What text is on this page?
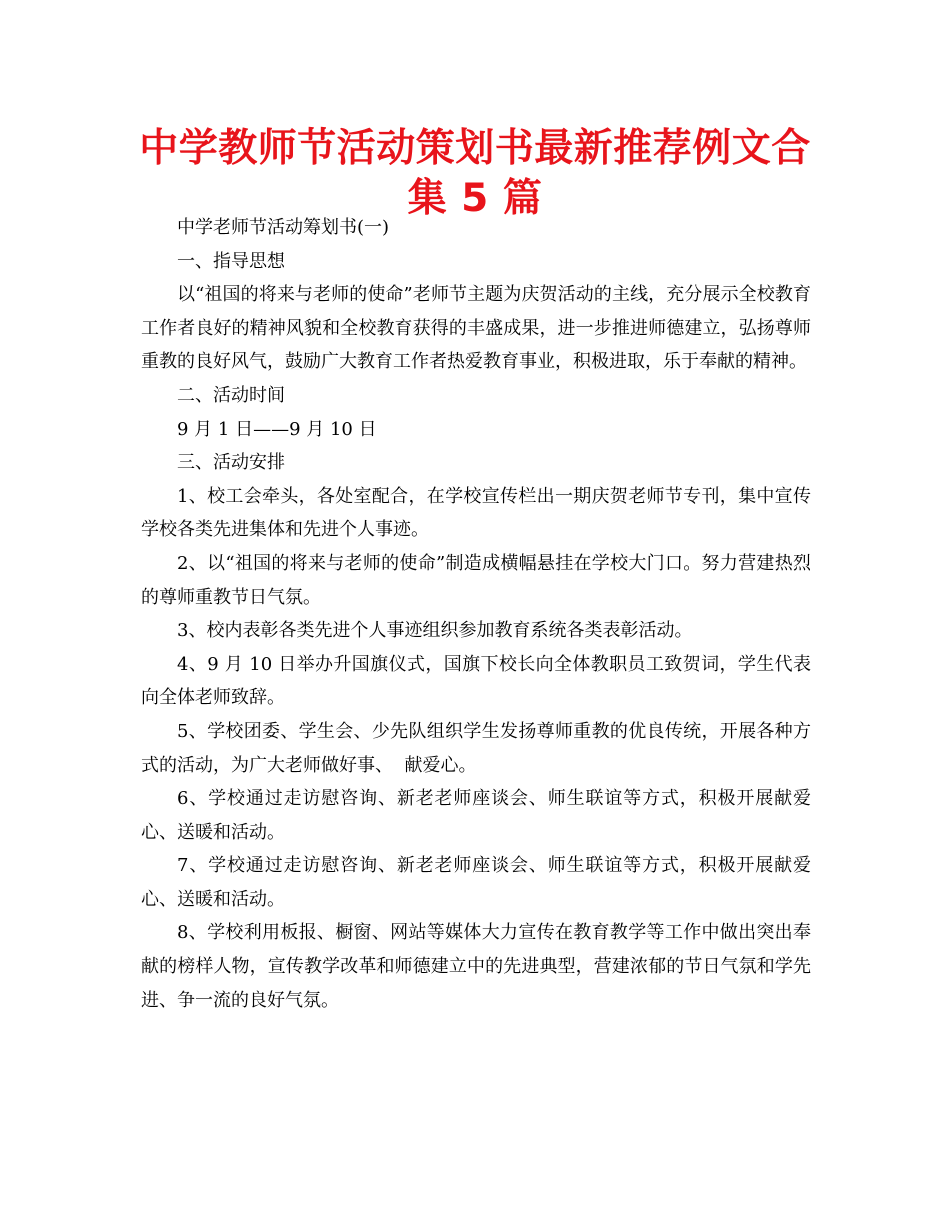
中学教师节活动策划书最新推荐例文合集 5 篇

中学老师节活动筹划书(一)

一、指导思想

以“祖国的将来与老师的使命”老师节主题为庆贺活动的主线，充分展示全校教育工作者良好的精神风貌和全校教育获得的丰盛成果，进一步推进师德建立，弘扬尊师重教的良好风气，鼓励广大教育工作者热爱教育事业，积极进取，乐于奉献的精神。

二、活动时间

9 月 1 日——9 月 10 日

三、活动安排

1、校工会牵头，各处室配合，在学校宣传栏出一期庆贺老师节专刊，集中宣传学校各类先进集体和先进个人事迹。

2、以“祖国的将来与老师的使命”制造成横幅悬挂在学校大门口。努力营建热烈的尊师重教节日气氛。

3、校内表彰各类先进个人事迹组织参加教育系统各类表彰活动。

4、9 月 10 日举办升国旗仪式，国旗下校长向全体教职员工致贺词，学生代表向全体老师致辞。

5、学校团委、学生会、少先队组织学生发扬尊师重教的优良传统，开展各种方式的活动，为广大老师做好事、  献爱心。

6、学校通过走访慰咨询、新老老师座谈会、师生联谊等方式，积极开展献爱心、送暖和活动。

7、学校通过走访慰咨询、新老老师座谈会、师生联谊等方式，积极开展献爱心、送暖和活动。

8、学校利用板报、橱窗、网站等媒体大力宣传在教育教学等工作中做出突出奉献的榜样人物，宣传教学改革和师德建立中的先进典型，营建浓郁的节日气氛和学先进、争一流的良好气氛。
